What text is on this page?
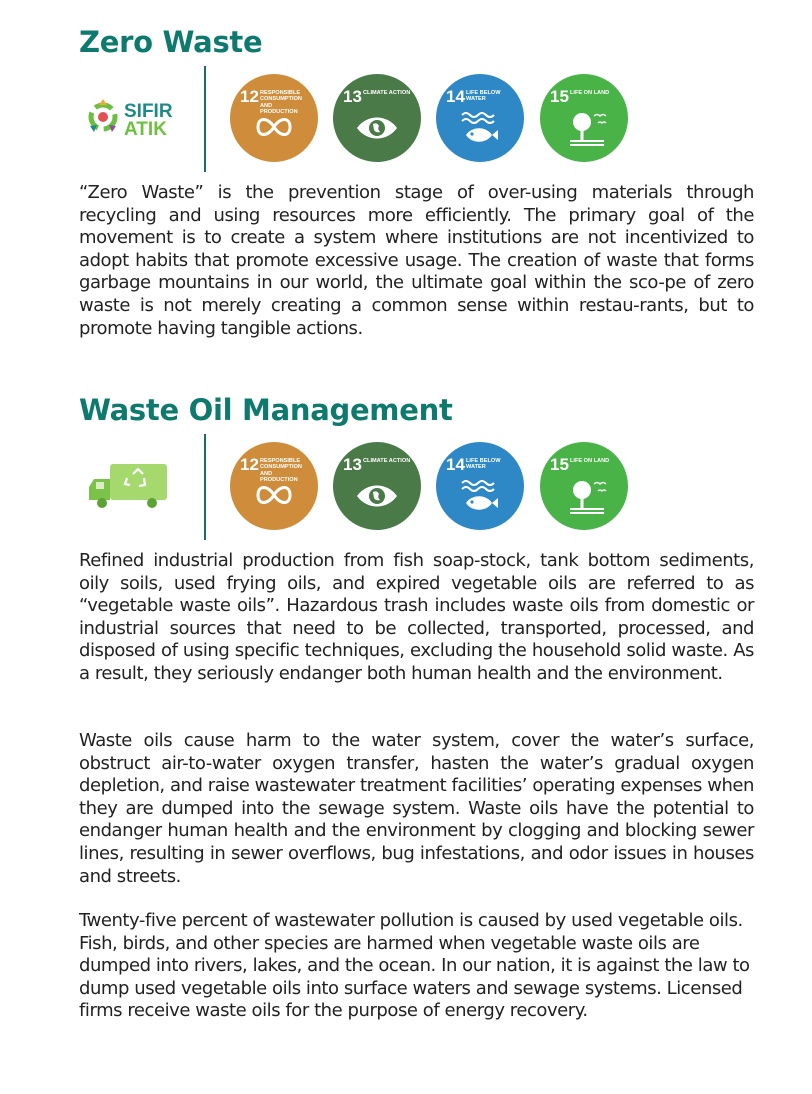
Zero Waste
SIFIR
ATIK
12 RESPONSIBLE CONSUMPTION AND PRODUCTION
13 CLIMATE ACTION 14 LIFE BELOW WATER	15 LIFE ON LAND

“Zero Waste” is the prevention stage of over-using materials through recycling and using resources more efficiently. The primary goal of the movement is to create a system where institutions are not incentivized to adopt habits that promote excessive usage. The creation of waste that forms garbage mountains in our world, the ultimate goal within the sco-pe of zero waste is not merely creating a common sense within restau-rants, but to promote having tangible actions.

Waste Oil Management
12 RESPONSIBLE CONSUMPTION AND PRODUCTION
13 CLIMATE ACTION 14 LIFE BELOW WATER	15 LIFE ON LAND

Refined industrial production from fish soap-stock, tank bottom sediments, oily soils, used frying oils, and expired vegetable oils are referred to as “vegetable waste oils”. Hazardous trash includes waste oils from domestic or industrial sources that need to be collected, transported, processed, and disposed of using specific techniques, excluding the household solid waste. As a result, they seriously endanger both human health and the environment.

Waste oils cause harm to the water system, cover the water’s surface, obstruct air-to-water oxygen transfer, hasten the water’s gradual oxygen depletion, and raise wastewater treatment facilities’ operating expenses when they are dumped into the sewage system. Waste oils have the potential to endanger human health and the environment by clogging and blocking sewer lines, resulting in sewer overflows, bug infestations, and odor issues in houses and streets.

Twenty-five percent of wastewater pollution is caused by used vegetable oils. Fish, birds, and other species are harmed when vegetable waste oils are dumped into rivers, lakes, and the ocean. In our nation, it is against the law to dump used vegetable oils into surface waters and sewage systems. Licensed firms receive waste oils for the purpose of energy recovery.
